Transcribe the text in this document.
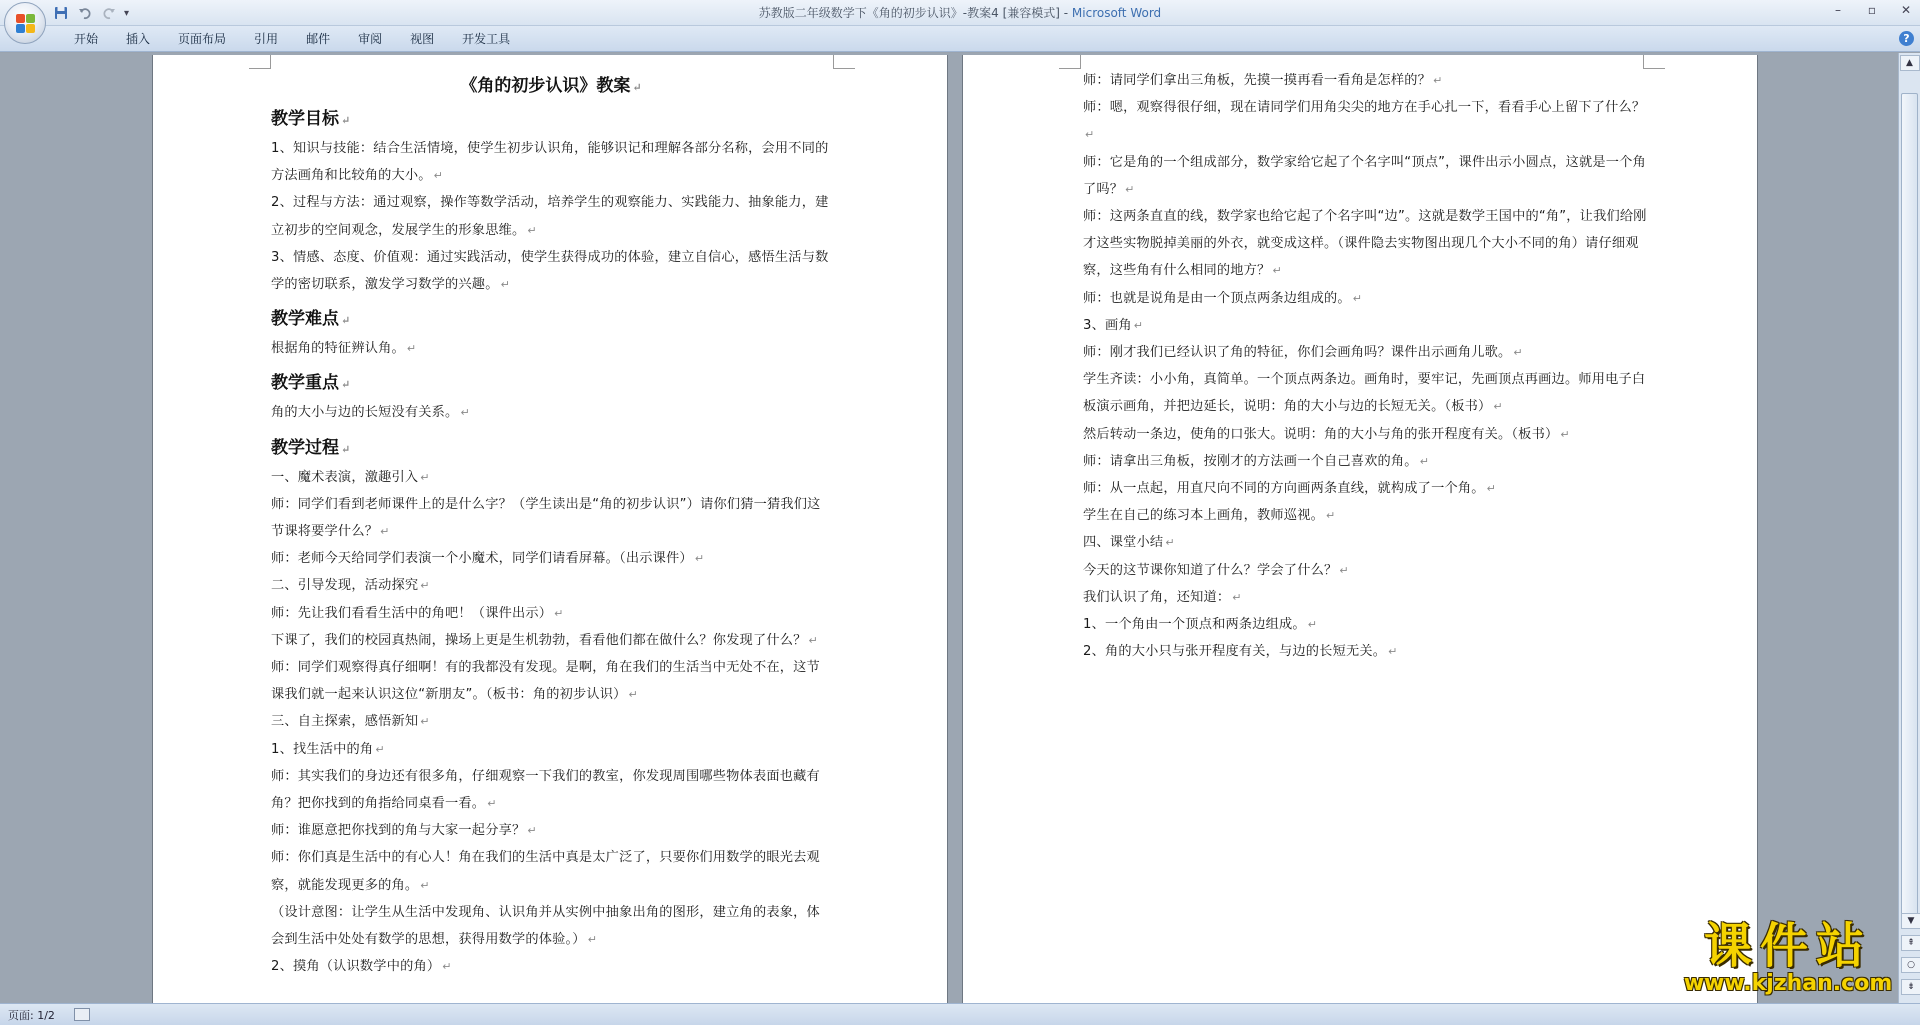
▾	苏教版二年级数学下《角的初步认识》-教案4 [兼容模式] - Microsoft Word	–	▫	✕
开始	插入	页面布局	引用	邮件	审阅	视图	开发工具	?
《角的初步认识》教案 ↵
教学目标 ↵
1、知识与技能：结合生活情境，使学生初步认识角，能够识记和理解各部分名称，会用不同的方法画角和比较角的大小。 ↵
2、过程与方法：通过观察，操作等数学活动，培养学生的观察能力、实践能力、抽象能力，建立初步的空间观念，发展学生的形象思维。 ↵
3、情感、态度、价值观：通过实践活动，使学生获得成功的体验，建立自信心，感悟生活与数学的密切联系，激发学习数学的兴趣。 ↵
教学难点 ↵
根据角的特征辨认角。 ↵
教学重点 ↵
角的大小与边的长短没有关系。 ↵
教学过程 ↵
一、魔术表演，激趣引入 ↵
师：同学们看到老师课件上的是什么字？（学生读出是“角的初步认识”）请你们猜一猜我们这节课将要学什么？ ↵
师：老师今天给同学们表演一个小魔术，同学们请看屏幕。（出示课件） ↵
二、引导发现，活动探究 ↵
师：先让我们看看生活中的角吧！（课件出示） ↵
下课了，我们的校园真热闹，操场上更是生机勃勃，看看他们都在做什么？你发现了什么？ ↵
师：同学们观察得真仔细啊！有的我都没有发现。是啊，角在我们的生活当中无处不在，这节课我们就一起来认识这位“新朋友”。（板书：角的初步认识） ↵
三、自主探索，感悟新知 ↵
1、找生活中的角 ↵
师：其实我们的身边还有很多角，仔细观察一下我们的教室，你发现周围哪些物体表面也藏有角？把你找到的角指给同桌看一看。 ↵
师：谁愿意把你找到的角与大家一起分享？ ↵
师：你们真是生活中的有心人！角在我们的生活中真是太广泛了，只要你们用数学的眼光去观察，就能发现更多的角。 ↵
（设计意图：让学生从生活中发现角、认识角并从实例中抽象出角的图形，建立角的表象，体会到生活中处处有数学的思想，获得用数学的体验。） ↵
2、摸角（认识数学中的角） ↵
师：请同学们拿出三角板，先摸一摸再看一看角是怎样的？ ↵
师：嗯，观察得很仔细，现在请同学们用角尖尖的地方在手心扎一下，看看手心上留下了什么？↵
师：它是角的一个组成部分，数学家给它起了个名字叫“顶点”，课件出示小圆点，这就是一个角了吗？ ↵
师：这两条直直的线，数学家也给它起了个名字叫“边”。这就是数学王国中的“角”，让我们给刚才这些实物脱掉美丽的外衣，就变成这样。（课件隐去实物图出现几个大小不同的角）请仔细观察，这些角有什么相同的地方？ ↵
师：也就是说角是由一个顶点两条边组成的。 ↵
3、画角 ↵
师：刚才我们已经认识了角的特征，你们会画角吗？课件出示画角儿歌。 ↵
学生齐读：小小角，真简单。一个顶点两条边。画角时，要牢记，先画顶点再画边。师用电子白板演示画角，并把边延长，说明：角的大小与边的长短无关。（板书） ↵
然后转动一条边，使角的口张大。说明：角的大小与角的张开程度有关。（板书） ↵
师：请拿出三角板，按刚才的方法画一个自己喜欢的角。 ↵
师：从一点起，用直尺向不同的方向画两条直线，就构成了一个角。 ↵
学生在自己的练习本上画角，教师巡视。 ↵
四、课堂小结 ↵
今天的这节课你知道了什么？学会了什么？ ↵
我们认识了角，还知道： ↵
1、一个角由一个顶点和两条边组成。 ↵
2、角的大小只与张开程度有关，与边的长短无关。 ↵
▲
▼
⇞
○
⇟
页面: 1/2
课件站
www.kjzhan.com
